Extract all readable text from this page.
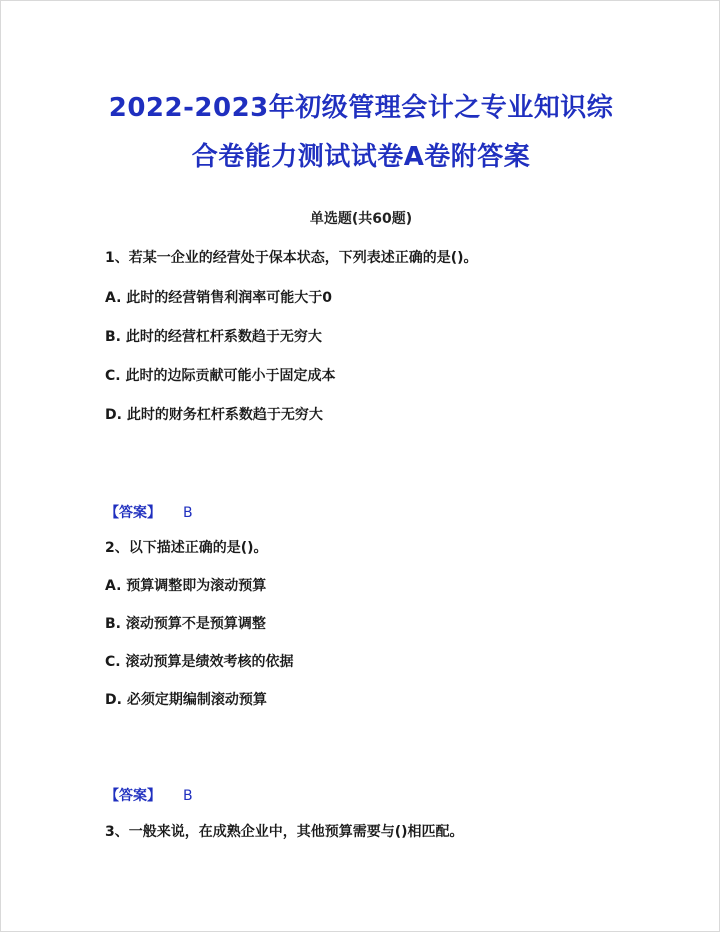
2022-2023年初级管理会计之专业知识综
合卷能力测试试卷A卷附答案
单选题(共60题)
1、若某一企业的经营处于保本状态，下列表述正确的是()。
A. 此时的经营销售利润率可能大于0
B. 此时的经营杠杆系数趋于无穷大
C. 此时的边际贡献可能小于固定成本
D. 此时的财务杠杆系数趋于无穷大
【答案】 B
2、以下描述正确的是()。
A. 预算调整即为滚动预算
B. 滚动预算不是预算调整
C. 滚动预算是绩效考核的依据
D. 必须定期编制滚动预算
【答案】 B
3、一般来说，在成熟企业中，其他预算需要与()相匹配。
